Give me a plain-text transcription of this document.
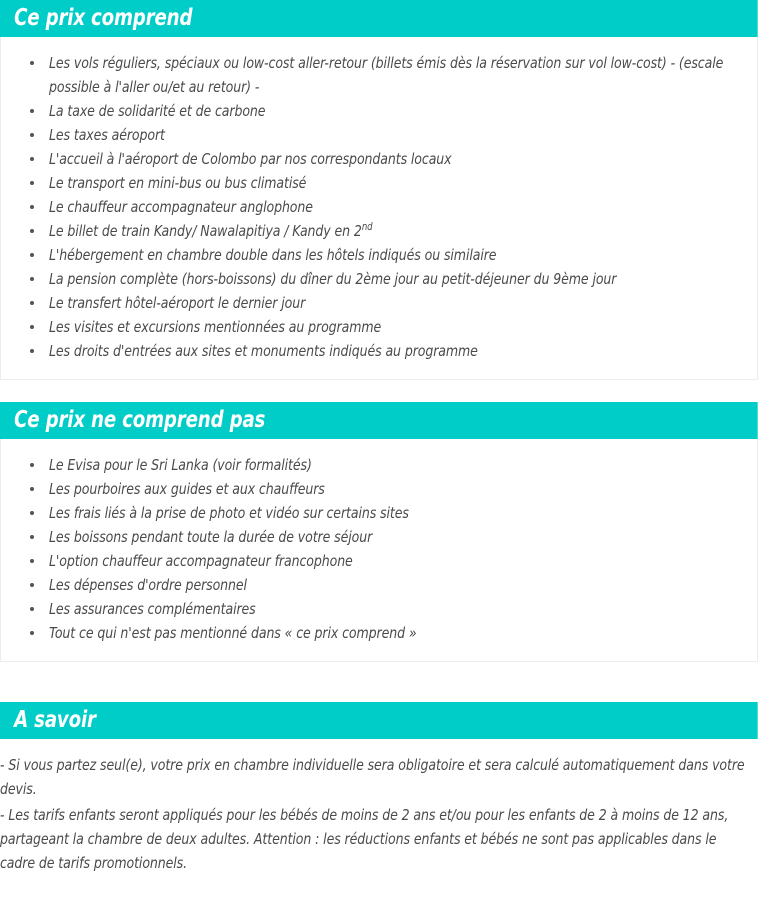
Ce prix comprend
Les vols réguliers, spéciaux ou low-cost aller-retour (billets émis dès la réservation sur vol low-cost) - (escale possible à l'aller ou/et au retour) -
La taxe de solidarité et de carbone
Les taxes aéroport
L'accueil à l'aéroport de Colombo par nos correspondants locaux
Le transport en mini-bus ou bus climatisé
Le chauffeur accompagnateur anglophone
Le billet de train Kandy/ Nawalapitiya / Kandy en 2nd
L'hébergement en chambre double dans les hôtels indiqués ou similaire
La pension complète (hors-boissons) du dîner du 2ème jour au petit-déjeuner du 9ème jour
Le transfert hôtel-aéroport le dernier jour
Les visites et excursions mentionnées au programme
Les droits d'entrées aux sites et monuments indiqués au programme
Ce prix ne comprend pas
Le Evisa pour le Sri Lanka (voir formalités)
Les pourboires aux guides et aux chauffeurs
Les frais liés à la prise de photo et vidéo sur certains sites
Les boissons pendant toute la durée de votre séjour
L'option chauffeur accompagnateur francophone
Les dépenses d'ordre personnel
Les assurances complémentaires
Tout ce qui n'est pas mentionné dans « ce prix comprend »
A savoir

- Si vous partez seul(e), votre prix en chambre individuelle sera obligatoire et sera calculé automatiquement dans votre devis.

- Les tarifs enfants seront appliqués pour les bébés de moins de 2 ans et/ou pour les enfants de 2 à moins de 12 ans, partageant la chambre de deux adultes. Attention : les réductions enfants et bébés ne sont pas applicables dans le cadre de tarifs promotionnels.
